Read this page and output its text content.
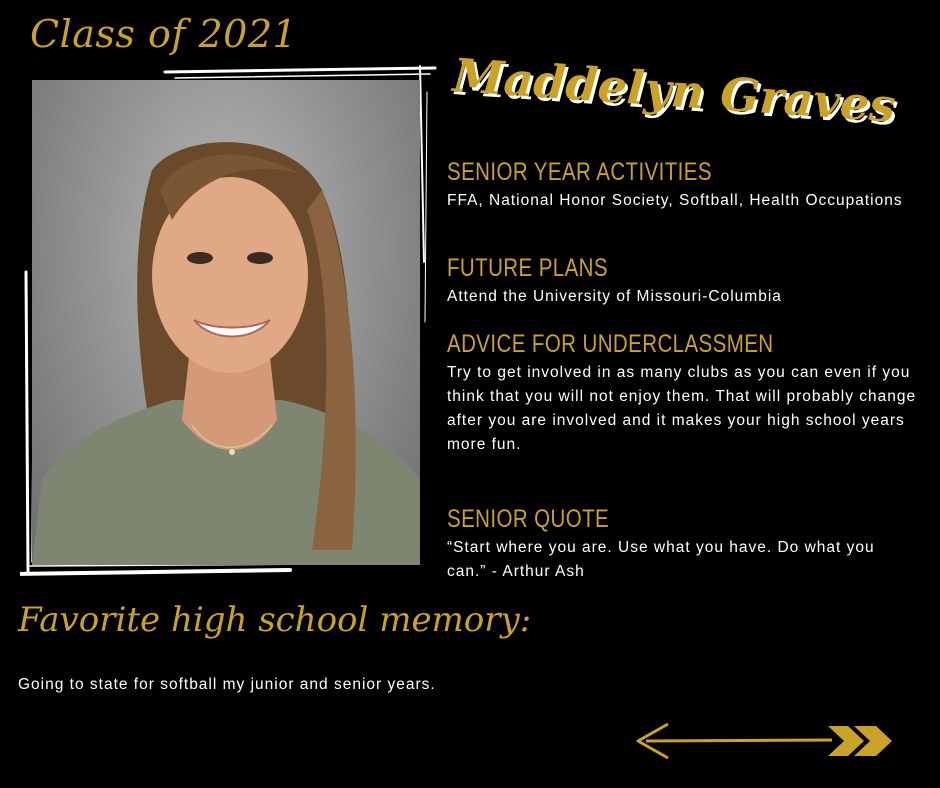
Class of 2021
Maddelyn Graves
SENIOR YEAR ACTIVITIES

FFA, National Honor Society, Softball, Health Occupations

FUTURE PLANS

Attend the University of Missouri-Columbia

ADVICE FOR UNDERCLASSMEN

Try to get involved in as many clubs as you can even if you think that you will not enjoy them. That will probably change after you are involved and it makes your high school years more fun.

SENIOR QUOTE

“Start where you are. Use what you have. Do what you can.” - Arthur Ash

Favorite high school memory:
Going to state for softball my junior and senior years.
